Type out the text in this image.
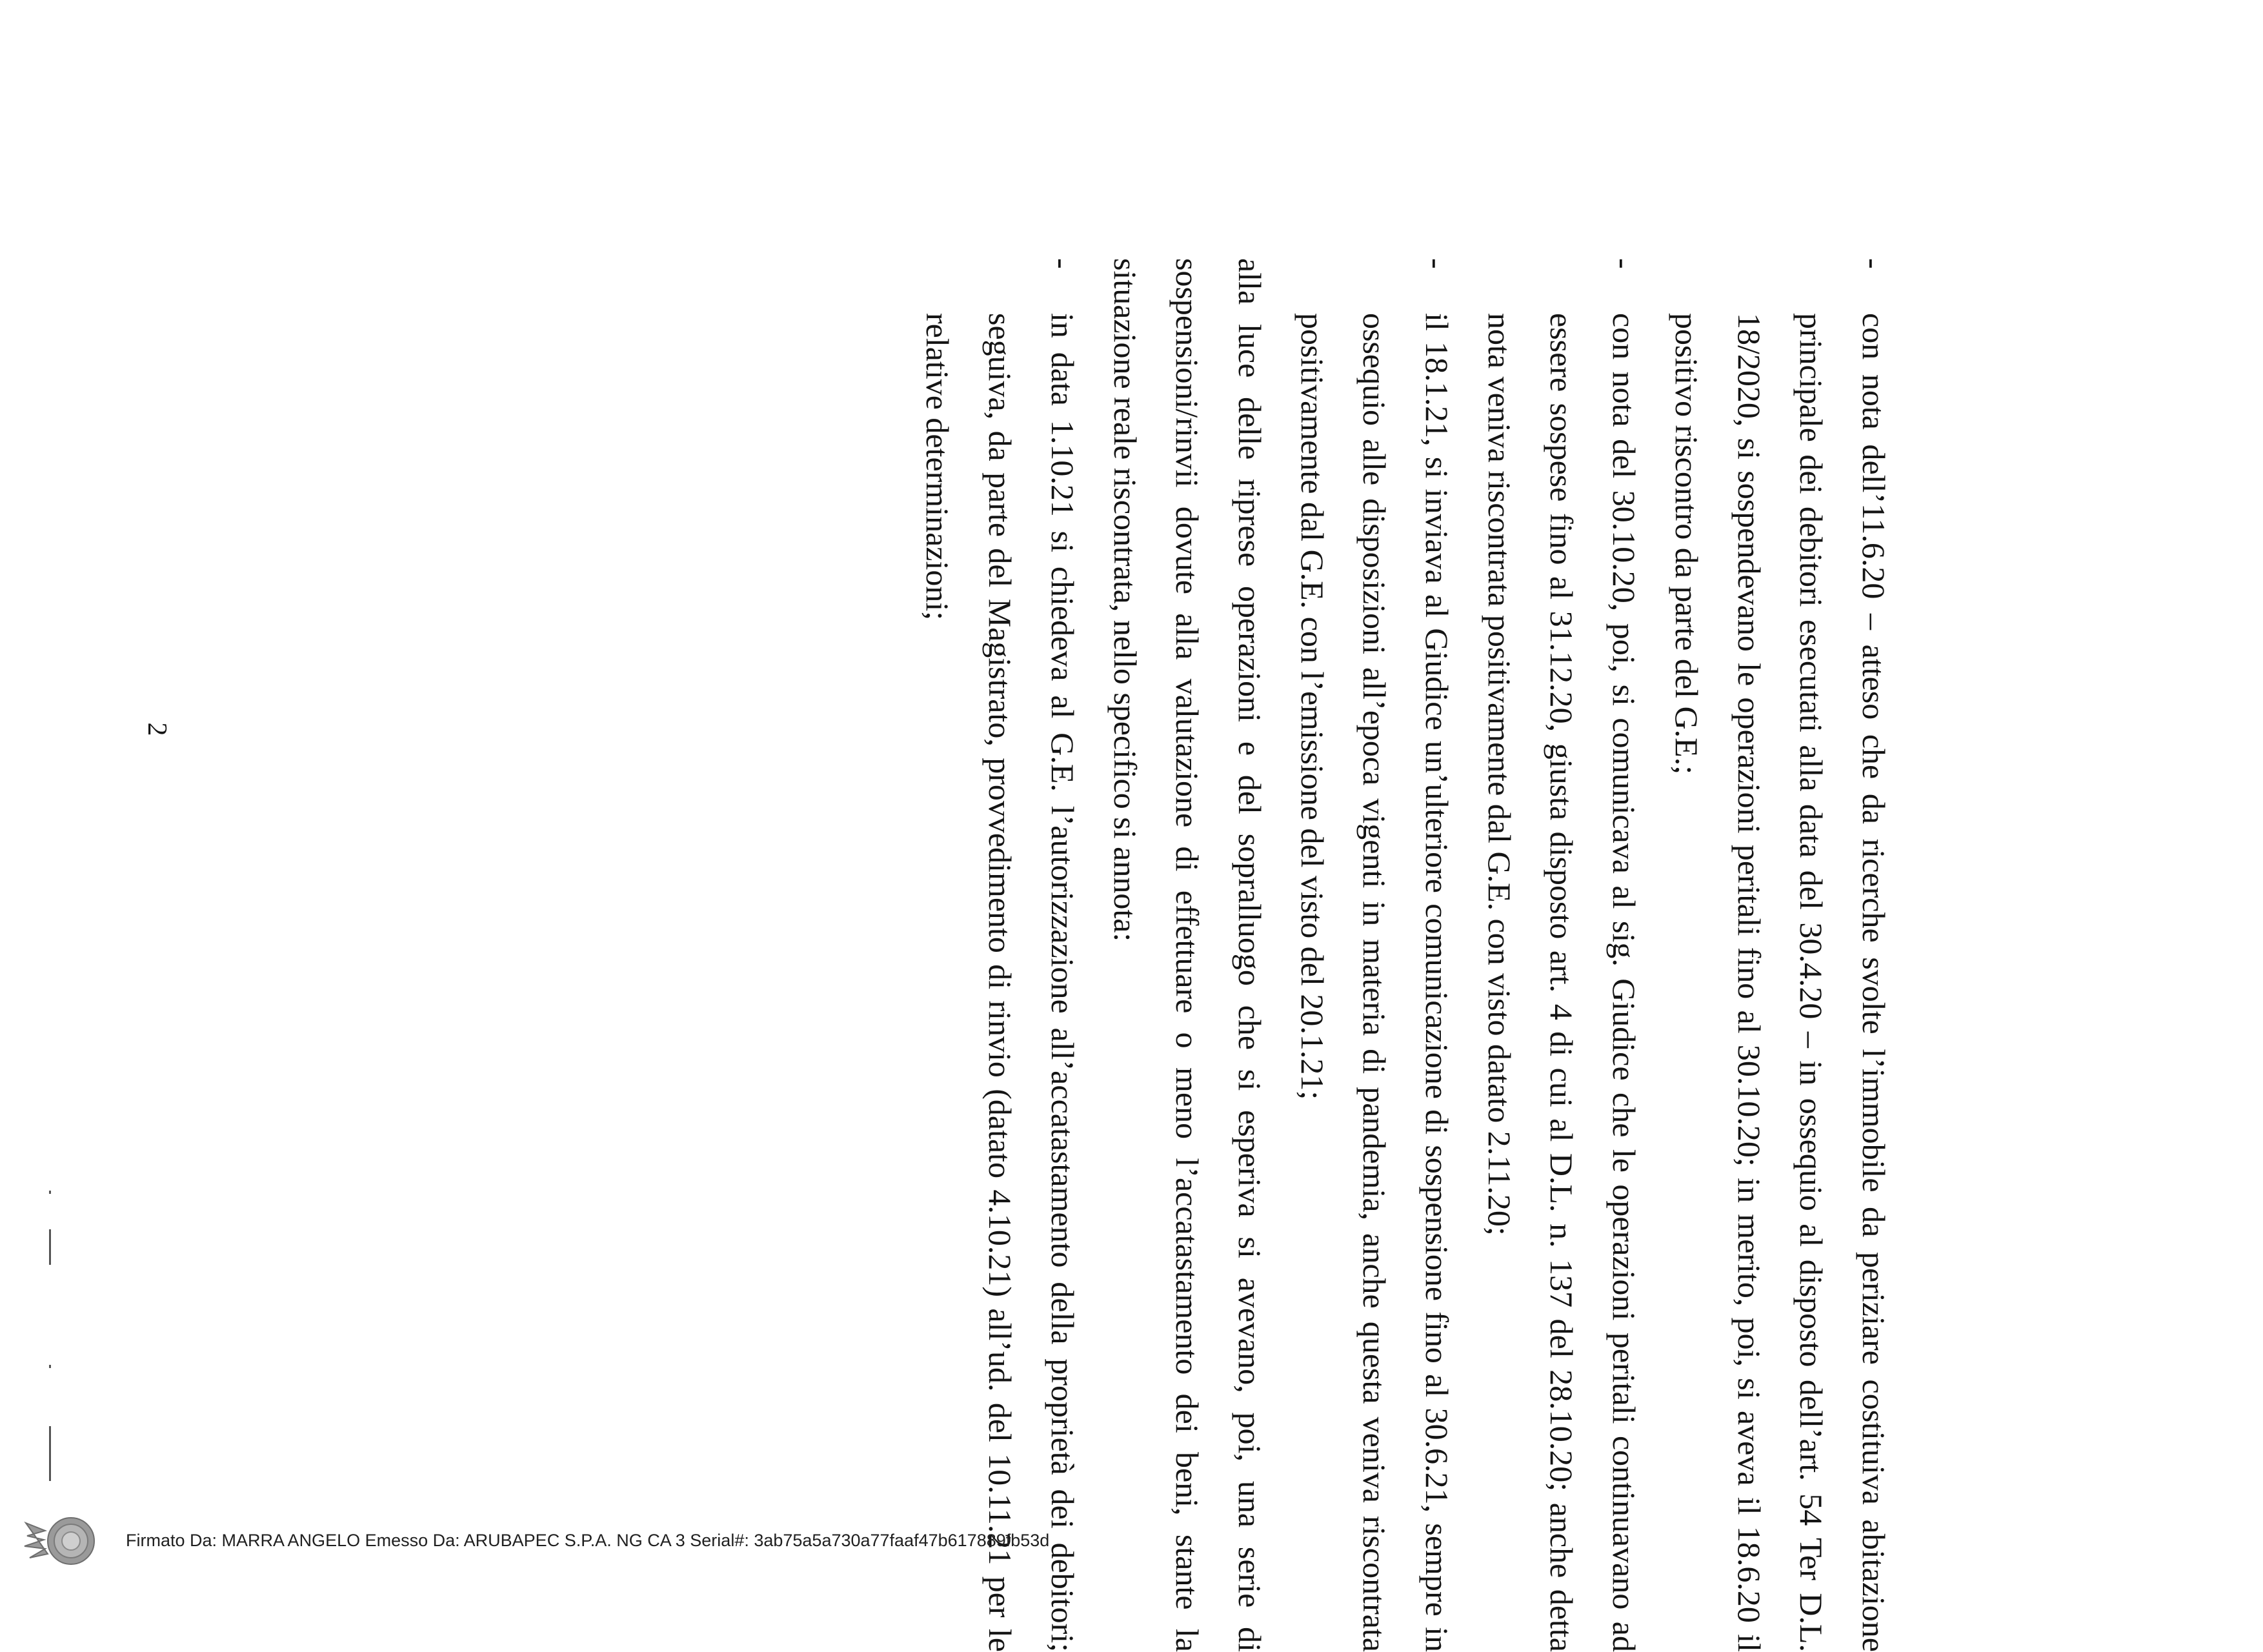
-
con nota dell’11.6.20 – atteso che da ricerche svolte l’immobile da periziare costituiva abitazione principale dei debitori esecutati alla data del 30.4.20 – in ossequio al disposto dell’art. 54 Ter D.L. 18/2020, si sospendevano le operazioni peritali fino al 30.10.20; in merito, poi, si aveva il 18.6.20 il positivo riscontro da parte del G.E.;

-
con nota del 30.10.20, poi, si comunicava al sig. Giudice che le operazioni peritali continuavano ad essere sospese fino al 31.12.20, giusta disposto art. 4 di cui al D.L. n. 137 del 28.10.20; anche detta nota veniva riscontrata positivamente dal G.E. con visto datato 2.11.20;

-
il 18.1.21, si inviava al Giudice un’ulteriore comunicazione di sospensione fino al 30.6.21, sempre in ossequio alle disposizioni all’epoca vigenti in materia di pandemia, anche questa veniva riscontrata positivamente dal G.E. con l’emissione del visto del 20.1.21;

alla luce delle riprese operazioni e del sopralluogo che si esperiva si avevano, poi, una serie di sospensioni/rinvii dovute alla valutazione di effettuare o meno l’accatastamento dei beni, stante la situazione reale riscontrata, nello specifico si annota:

-
in data 1.10.21 si chiedeva al G.E. l’autorizzazione all’accatastamento della proprietà dei debitori; seguiva, da parte del Magistrato, provvedimento di rinvio (datato 4.10.21) all’ud. del 10.11.21 per le relative determinazioni;

2
Firmato Da: MARRA ANGELO Emesso Da: ARUBAPEC S.P.A. NG CA 3 Serial#: 3ab75a5a730a77faaf47b617889fb53d
